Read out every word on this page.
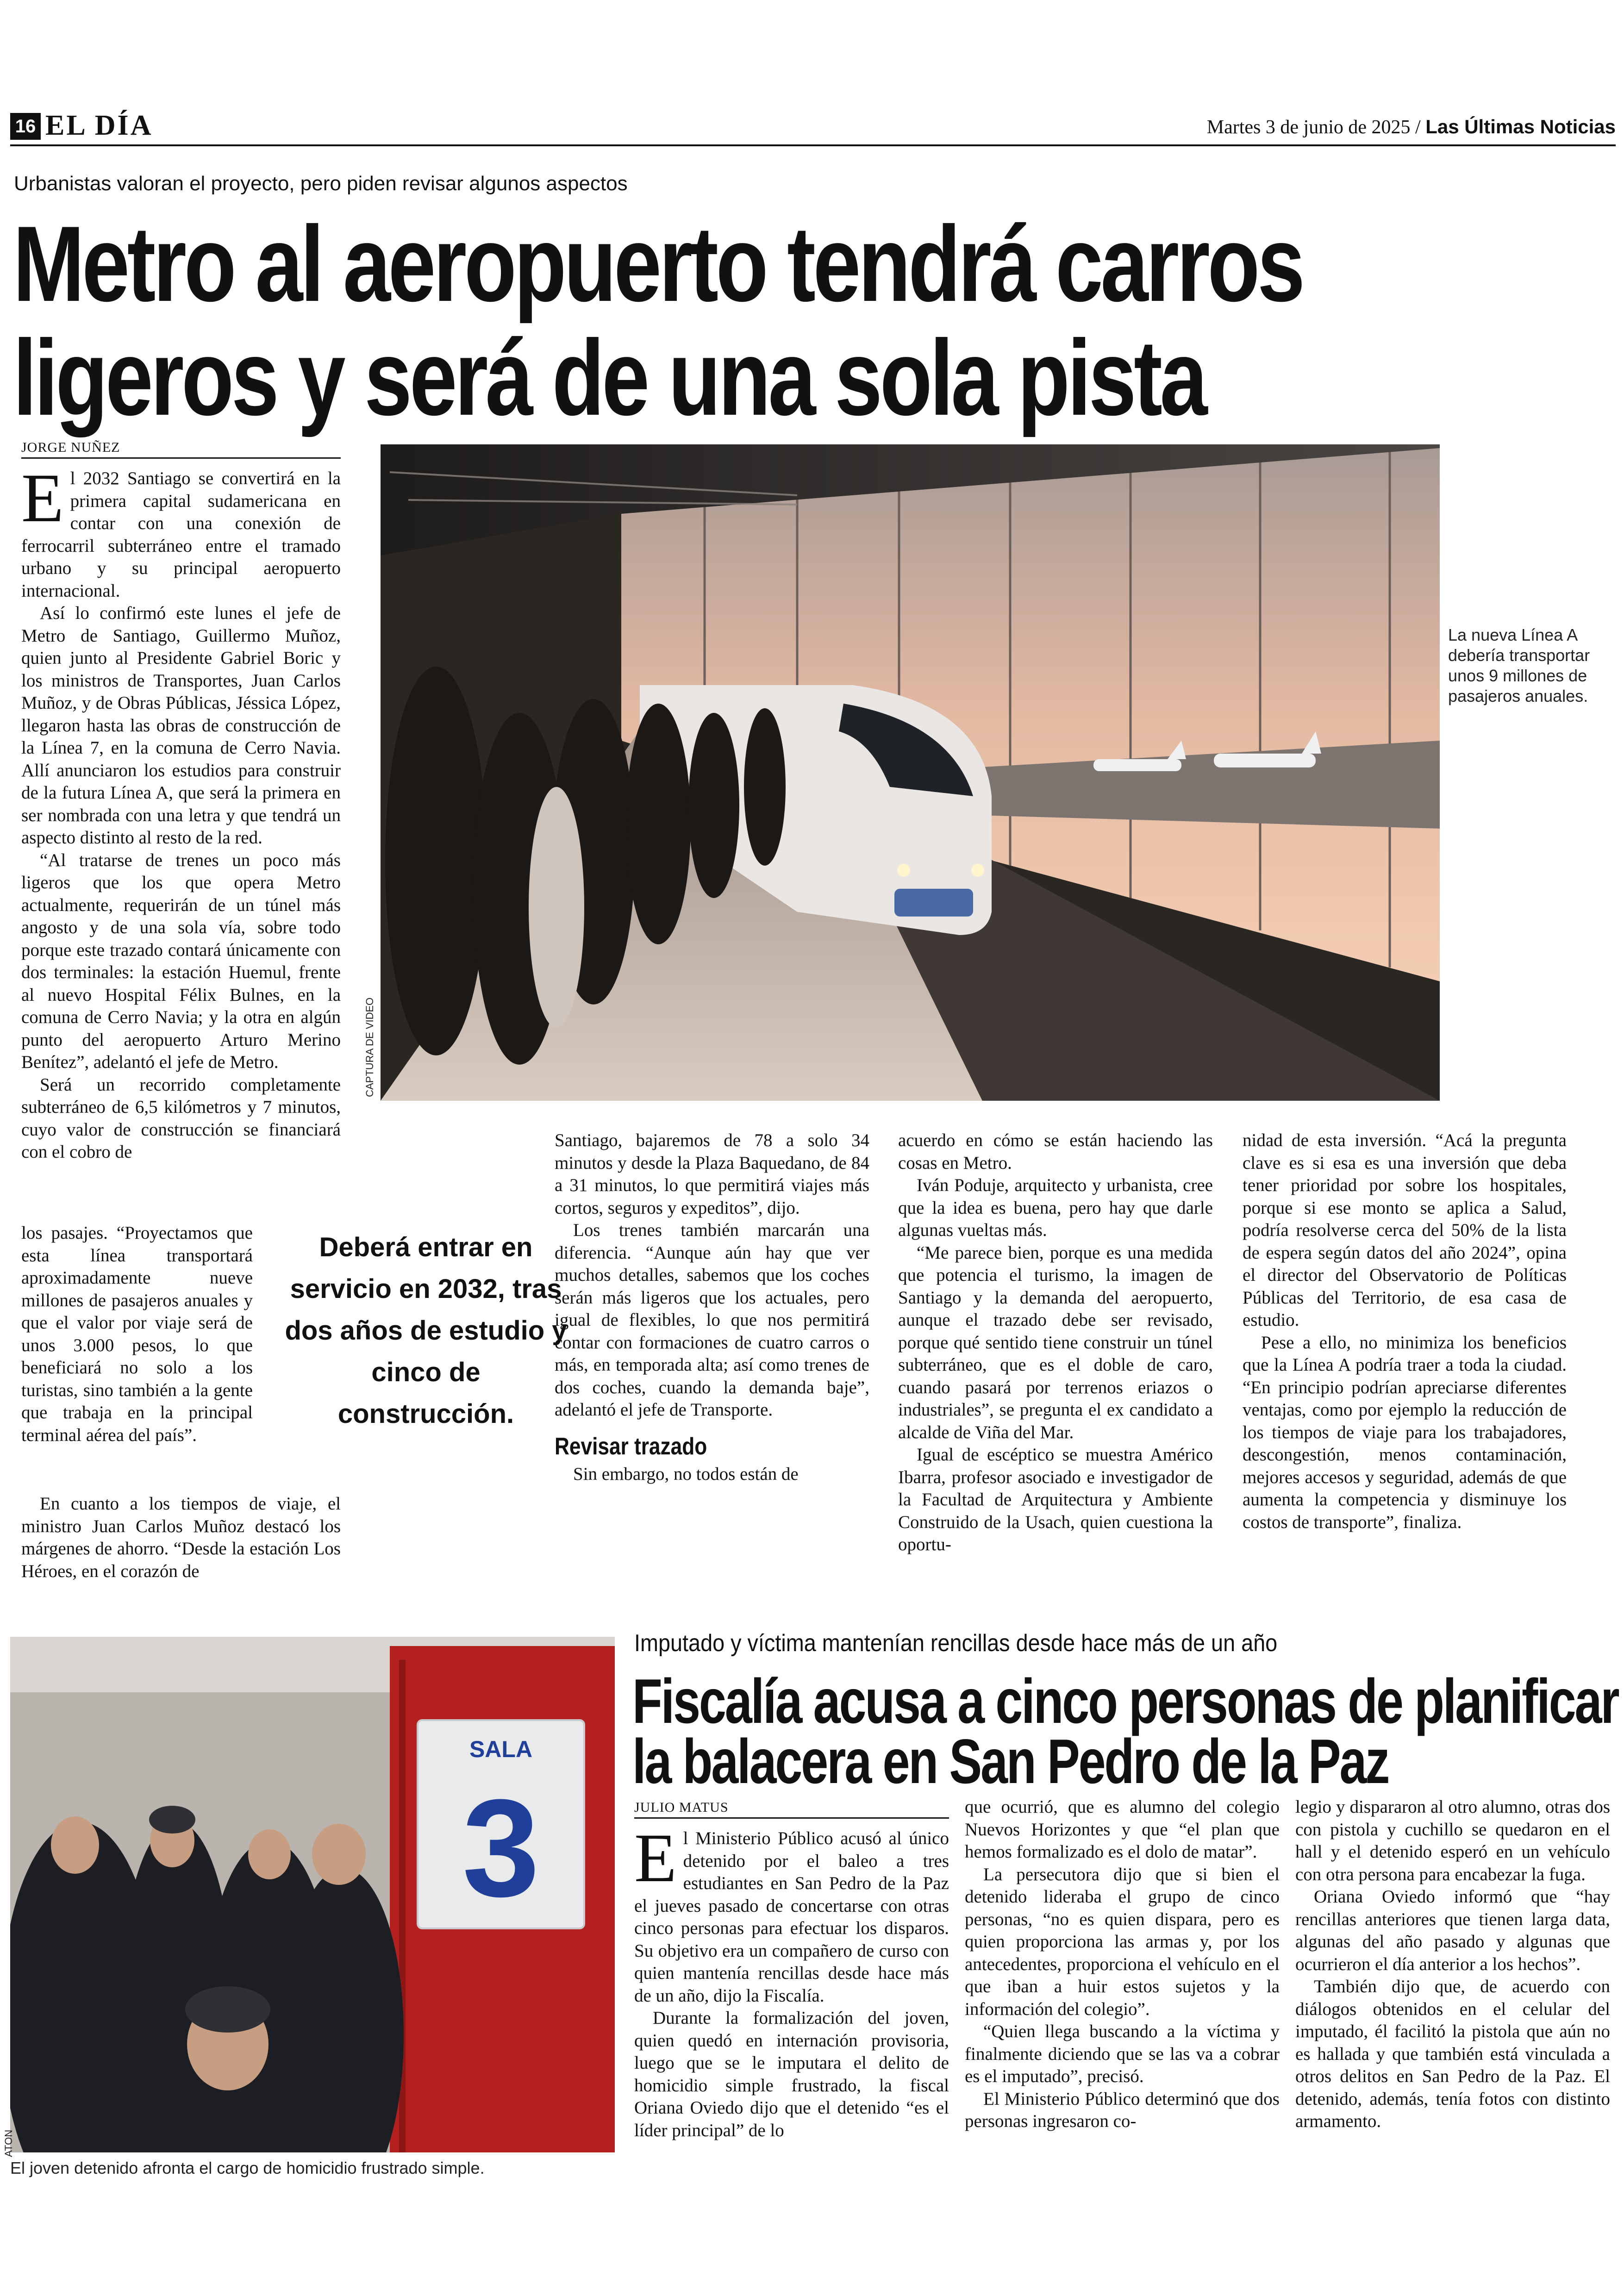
16 EL DÍA	Martes 3 de junio de 2025 / Las Últimas Noticias
Urbanistas valoran el proyecto, pero piden revisar algunos aspectos
Metro al aeropuerto tendrá carros
ligeros y será de una sola pista
JORGE NUÑEZ

El 2032 Santiago se convertirá en la primera capital sudamericana en contar con una conexión de ferrocarril subterráneo entre el tramado urbano y su principal aeropuerto internacional.

Así lo confirmó este lunes el jefe de Metro de Santiago, Guillermo Muñoz, quien junto al Presidente Gabriel Boric y los ministros de Transportes, Juan Carlos Muñoz, y de Obras Públicas, Jéssica López, llegaron hasta las obras de construcción de la Línea 7, en la comuna de Cerro Navia. Allí anunciaron los estudios para construir de la futura Línea A, que será la primera en ser nombrada con una letra y que tendrá un aspecto distinto al resto de la red.

“Al tratarse de trenes un poco más ligeros que los que opera Metro actualmente, requerirán de un túnel más angosto y de una sola vía, sobre todo porque este trazado contará únicamente con dos terminales: la estación Huemul, frente al nuevo Hospital Félix Bulnes, en la comuna de Cerro Navia; y la otra en algún punto del aeropuerto Arturo Merino Benítez”, adelantó el jefe de Metro.

Será un recorrido completamente subterráneo de 6,5 kilómetros y 7 minutos, cuyo valor de construcción se financiará con el cobro de

los pasajes. “Proyectamos que esta línea transportará aproximadamente nueve millones de pasajeros anuales y que el valor por viaje será de unos 3.000 pesos, lo que beneficiará no solo a los turistas, sino también a la gente que trabaja en la principal terminal aérea del país”.

En cuanto a los tiempos de viaje, el ministro Juan Carlos Muñoz destacó los márgenes de ahorro. “Desde la estación Los Héroes, en el corazón de

Deberá entrar en servicio en 2032, tras dos años de estudio y cinco de construcción.
CAPTURA DE VIDEO
La nueva Línea A debería transportar unos 9 millones de pasajeros anuales.

Santiago, bajaremos de 78 a solo 34 minutos y desde la Plaza Baquedano, de 84 a 31 minutos, lo que permitirá viajes más cortos, seguros y expeditos”, dijo.

Los trenes también marcarán una diferencia. “Aunque aún hay que ver muchos detalles, sabemos que los coches serán más ligeros que los actuales, pero igual de flexibles, lo que nos permitirá contar con formaciones de cuatro carros o más, en temporada alta; así como trenes de dos coches, cuando la demanda baje”, adelantó el jefe de Transporte.

Revisar trazado

Sin embargo, no todos están de

acuerdo en cómo se están haciendo las cosas en Metro.

Iván Poduje, arquitecto y urbanista, cree que la idea es buena, pero hay que darle algunas vueltas más.

“Me parece bien, porque es una medida que potencia el turismo, la imagen de Santiago y la demanda del aeropuerto, aunque el trazado debe ser revisado, porque qué sentido tiene construir un túnel subterráneo, que es el doble de caro, cuando pasará por terrenos eriazos o industriales”, se pregunta el ex candidato a alcalde de Viña del Mar.

Igual de escéptico se muestra Américo Ibarra, profesor asociado e investigador de la Facultad de Arquitectura y Ambiente Construido de la Usach, quien cuestiona la oportu-

nidad de esta inversión. “Acá la pregunta clave es si esa es una inversión que deba tener prioridad por sobre los hospitales, porque si ese monto se aplica a Salud, podría resolverse cerca del 50% de la lista de espera según datos del año 2024”, opina el director del Observatorio de Políticas Públicas del Territorio, de esa casa de estudio.

Pese a ello, no minimiza los beneficios que la Línea A podría traer a toda la ciudad. “En principio podrían apreciarse diferentes ventajas, como por ejemplo la reducción de los tiempos de viaje para los trabajadores, descongestión, menos contaminación, mejores accesos y seguridad, además de que aumenta la competencia y disminuye los costos de transporte”, finaliza.

SALA
3
ATON
El joven detenido afronta el cargo de homicidio frustrado simple.
Imputado y víctima mantenían rencillas desde hace más de un año
Fiscalía acusa a cinco personas de planificar
la balacera en San Pedro de la Paz
JULIO MATUS

El Ministerio Público acusó al único detenido por el baleo a tres estudiantes en San Pedro de la Paz el jueves pasado de concertarse con otras cinco personas para efectuar los disparos. Su objetivo era un compañero de curso con quien mantenía rencillas desde hace más de un año, dijo la Fiscalía.

Durante la formalización del joven, quien quedó en internación provisoria, luego que se le imputara el delito de homicidio simple frustrado, la fiscal Oriana Oviedo dijo que el detenido “es el líder principal” de lo

que ocurrió, que es alumno del colegio Nuevos Horizontes y que “el plan que hemos formalizado es el dolo de matar”.

La persecutora dijo que si bien el detenido lideraba el grupo de cinco personas, “no es quien dispara, pero es quien proporciona las armas y, por los antecedentes, proporciona el vehículo en el que iban a huir estos sujetos y la información del colegio”.

“Quien llega buscando a la víctima y finalmente diciendo que se las va a cobrar es el imputado”, precisó.

El Ministerio Público determinó que dos personas ingresaron co-

legio y dispararon al otro alumno, otras dos con pistola y cuchillo se quedaron en el hall y el detenido esperó en un vehículo con otra persona para encabezar la fuga.

Oriana Oviedo informó que “hay rencillas anteriores que tienen larga data, algunas del año pasado y algunas que ocurrieron el día anterior a los hechos”.

También dijo que, de acuerdo con diálogos obtenidos en el celular del imputado, él facilitó la pistola que aún no es hallada y que también está vinculada a otros delitos en San Pedro de la Paz. El detenido, además, tenía fotos con distinto armamento.
